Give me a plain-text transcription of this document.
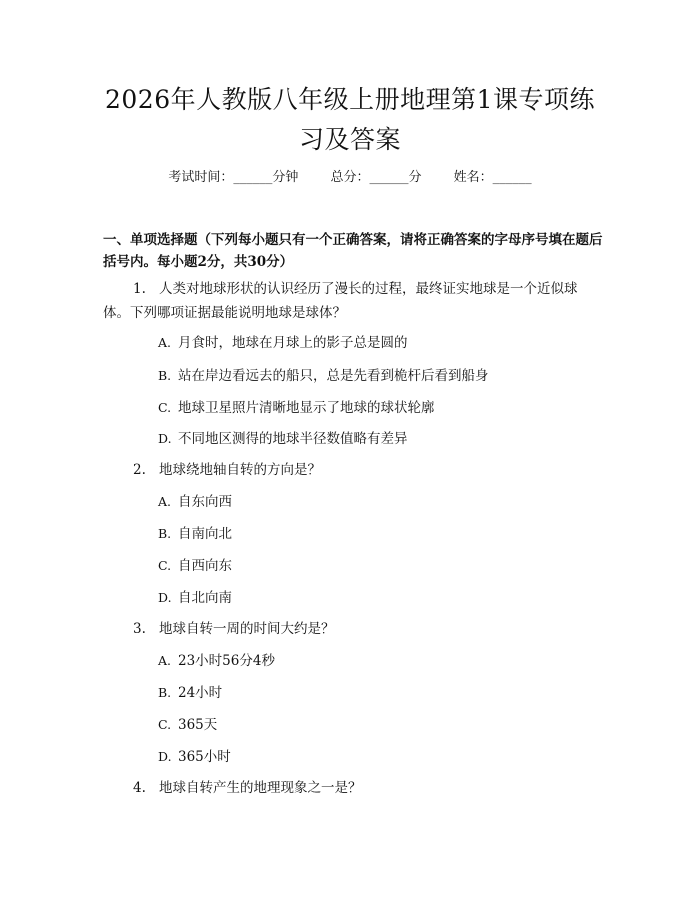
2026年人教版八年级上册地理第1课专项练习及答案
考试时间：______分钟 总分：______分 姓名：______

一、单项选择题（下列每小题只有一个正确答案，请将正确答案的字母序号填在题后括号内。每小题2分，共30分）

1. 人类对地球形状的认识经历了漫长的过程，最终证实地球是一个近似球体。下列哪项证据最能说明地球是球体？

A. 月食时，地球在月球上的影子总是圆的

B. 站在岸边看远去的船只，总是先看到桅杆后看到船身

C. 地球卫星照片清晰地显示了地球的球状轮廓

D. 不同地区测得的地球半径数值略有差异

2. 地球绕地轴自转的方向是？

A. 自东向西

B. 自南向北

C. 自西向东

D. 自北向南

3. 地球自转一周的时间大约是？

A. 23小时56分4秒

B. 24小时

C. 365天

D. 365小时

4. 地球自转产生的地理现象之一是？
